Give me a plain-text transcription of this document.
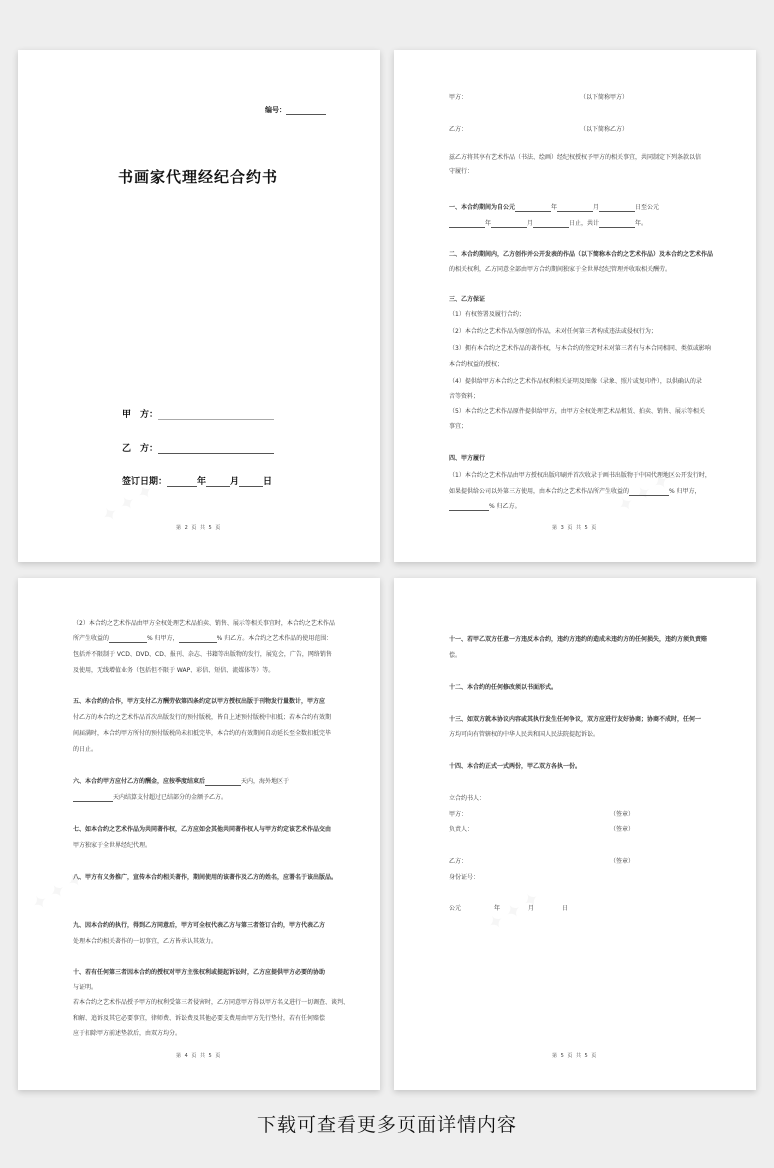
编号：
书画家代理经纪合约书
甲　方：
乙　方：
签订日期：	年	月	日
第 2 页 共 5 页
甲方：	（以下简称甲方）
乙方：	（以下简称乙方）
兹乙方将其享有艺术作品（书法、绘画）经纪权授权予甲方的相关事宜，共同制定下列条款以信
守履行：
一、本合约期间为自公元	年	月	日至公元
年	月	日止，共计	年。
二、本合约期间内，乙方创作并公开发表的作品（以下简称本合约之艺术作品）及本合约之艺术作品
的相关权利，乙方同意全部由甲方合约期间独家于全世界经纪管理并收取相关酬劳。
三、乙方保证
（1）有权签署及履行合约；
（2）本合约之艺术作品为原创的作品，未对任何第三者构成违法或侵权行为；
（3）拥有本合约之艺术作品的著作权，与本合约的签定时未对第三者有与本合同相同、类似或影响
本合约权益的授权；
（4）提供给甲方本合约之艺术作品权利相关证明及图像（录象、照片或复印件），以供确认的录
音等资料；
（5）本合约之艺术作品原件提供给甲方，由甲方全权处理艺术品租赁、拍卖、销售、展示等相关
事宜；
四、甲方履行
（1）本合约之艺术作品由甲方授权出版印刷并首次收录于画书出版物于中国代理地区公开发行时，
如果提供给公司以外第三方使用，由本合约之艺术作品所产生收益的	% 归甲方，
% 归乙方。
第 3 页 共 5 页
（2）本合约之艺术作品由甲方全权处理艺术品拍卖、销售、展示等相关事宜时，本合约之艺术作品
所产生收益的	% 归甲方，	% 归乙方。本合约之艺术作品的使用范围：
包括并不限制于 VCD、DVD、CD、报刊、杂志、书籍等出版物的发行，展览会，广告，网络销售
及使用，无线增值业务（包括但不限于 WAP、彩信、短信、流媒体等）等。
五、本合约的合作，甲方支付乙方酬劳依第四条约定以甲方授权出版于刊物发行量数计，甲方应
付乙方的本合约之艺术作品首次出版发行的预付版税，皆自上述预付版税中扣抵；若本合约有效期
间届满时，本合约甲方所付的预付版税尚未扣抵完毕，本合约的有效期间自动延长至全数扣抵完毕
的日止。
六、本合约甲方应付乙方的酬金，应按季度结束后	天内，海外地区于
天内结算支付超过已结部分的金额予乙方。
七、如本合约之艺术作品为共同著作权，乙方应如会其他共同著作权人与甲方约定该艺术作品交由
甲方独家于全世界经纪代理。
八、甲方有义务推广，宣传本合约相关著作，期间使用的该著作及乙方的姓名，应署名于该出版品。
九、因本合约的执行，得到乙方同意后，甲方可全权代表乙方与第三者签订合约，甲方代表乙方
处理本合约相关著作的一切事宜，乙方皆承认其效力。
十、若有任何第三者因本合约的授权对甲方主张权利或提起诉讼时，乙方应提供甲方必要的协助
与证明。
若本合约之艺术作品授予甲方的权利受第三者侵害时，乙方同意甲方得以甲方名义进行一切调查、谈判、
和解、追诉及其它必要事宜，律师费、诉讼费及其他必要支费用由甲方先行垫付，若有任何赔偿
应于扣除甲方前述垫款后，由双方均分。
第 4 页 共 5 页
十一、若甲乙双方任意一方违反本合约，违约方违约的造成未违约方的任何损失，违约方须负责赔
偿。
十二、本合约的任何修改须以书面形式。
十三、如双方就本协议内容或其执行发生任何争议，双方应进行友好协商；协商不成时，任何一
方均可向有管辖权的中华人民共和国人民法院提起诉讼。
十四、本合约正式一式两份，甲乙双方各执一份。
立合约书人：
甲方：	（签章）
负责人：	（签章）
乙方：	（签章）
身份证号：
公元	年	月	日
第 5 页 共 5 页
下载可查看更多页面详情内容
